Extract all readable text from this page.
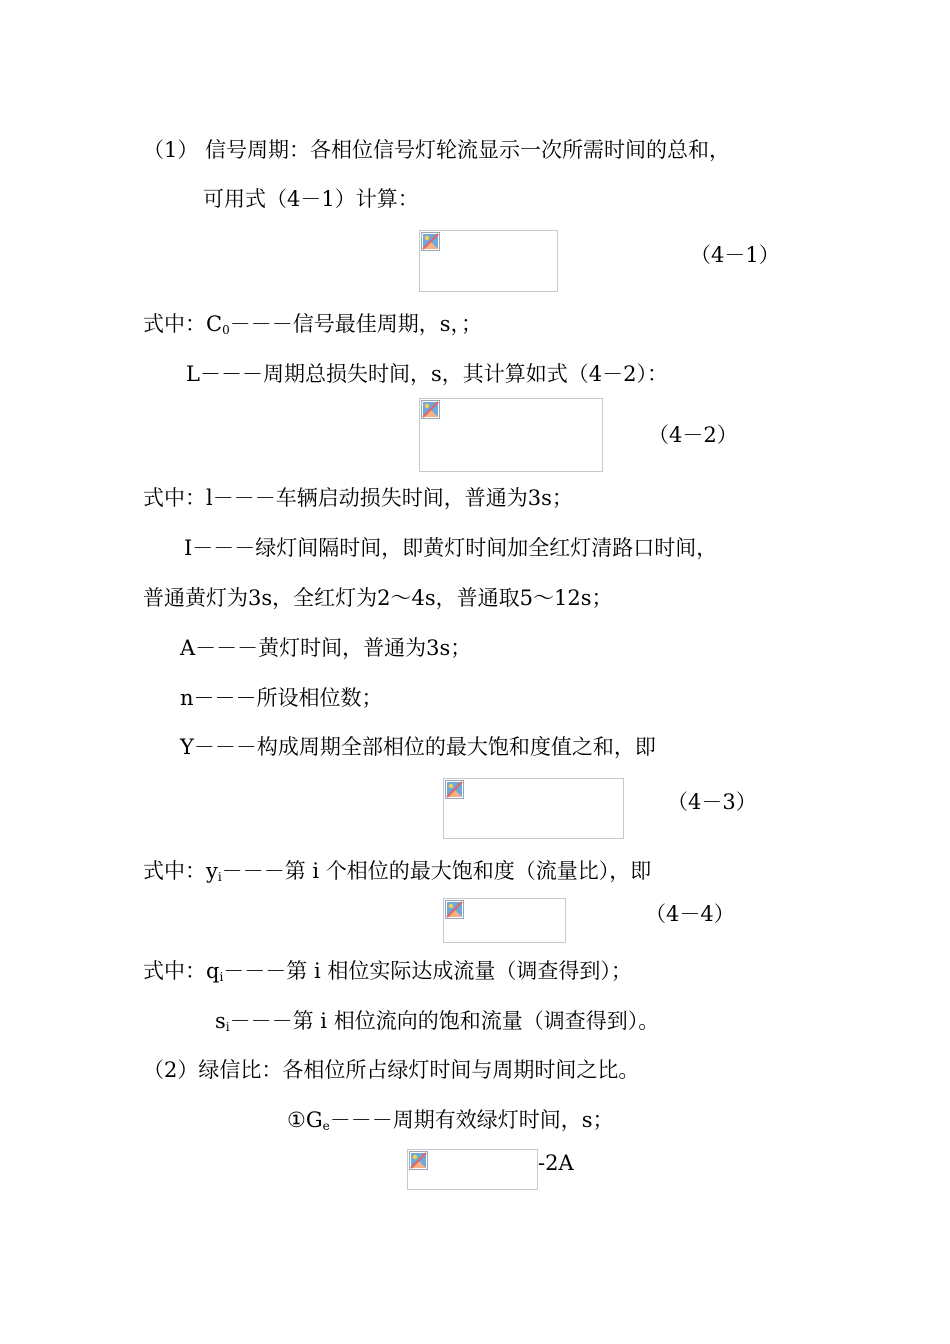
（1） 信号周期：各相位信号灯轮流显示一次所需时间的总和，
可用式（4－1）计算：
（4－1）
式中：$C_0---$信号最佳周期，s，；
L－－－周期总损失时间，s，其计算如式（4－2）：
（4－2）
式中：l－－－车辆启动损失时间，普通为3s；
I－－－绿灯间隔时间，即黄灯时间加全红灯清路口时间，
普通黄灯为3s，全红灯为2～4s，普通取5～12s；
A－－－黄灯时间，普通为3s；
n－－－所设相位数；
Y－－－构成周期全部相位的最大饱和度值之和，即
（4－3）
式中：$y_i---$第 i 个相位的最大饱和度（流量比），即
（4－4）
式中：$q_i---$第 i 相位实际达成流量（调查得到）；
$s_i---$第 i 相位流向的饱和流量（调查得到）。
（2）绿信比：各相位所占绿灯时间与周期时间之比。
$①G_e---$周期有效绿灯时间，s；
-2A
